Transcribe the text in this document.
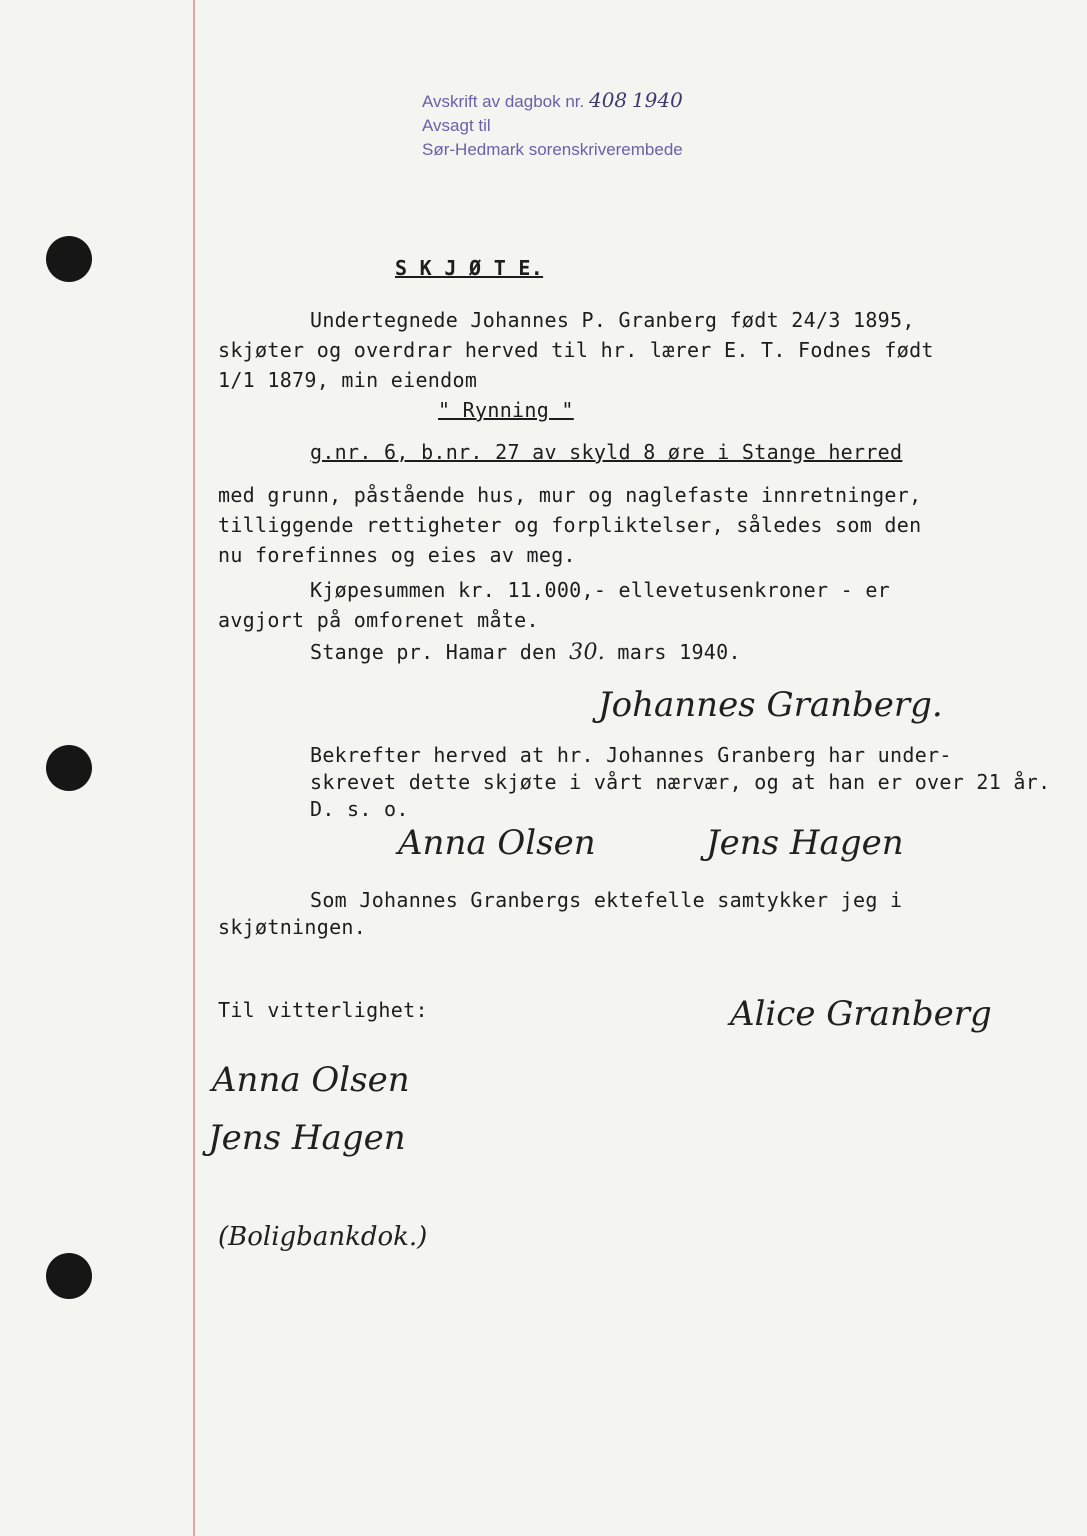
Avskrift av dagbok nr. 408 1940
Avsagt til
Sør-Hedmark sorenskriverembede
S K J Ø T E.
Undertegnede Johannes P. Granberg født 24/3 1895,
skjøter og overdrar herved til hr. lærer E. T. Fodnes født
1/1 1879, min eiendom
" Rynning "
g.nr. 6, b.nr. 27 av skyld 8 øre i Stange herred
med grunn, påstående hus, mur og naglefaste innretninger,
tilliggende rettigheter og forpliktelser, således som den
nu forefinnes og eies av meg.
Kjøpesummen kr. 11.000,- ellevetusenkroner - er
avgjort på omforenet måte.
Stange pr. Hamar den 30. mars 1940.
Johannes Granberg.
Bekrefter herved at hr. Johannes Granberg har under-
skrevet dette skjøte i vårt nærvær, og at han er over 21 år.
D. s. o.
Anna Olsen	Jens Hagen
Som Johannes Granbergs ektefelle samtykker jeg i
skjøtningen.
Til vitterlighet:	Alice Granberg
Anna Olsen
Jens Hagen
(Boligbankdok.)
